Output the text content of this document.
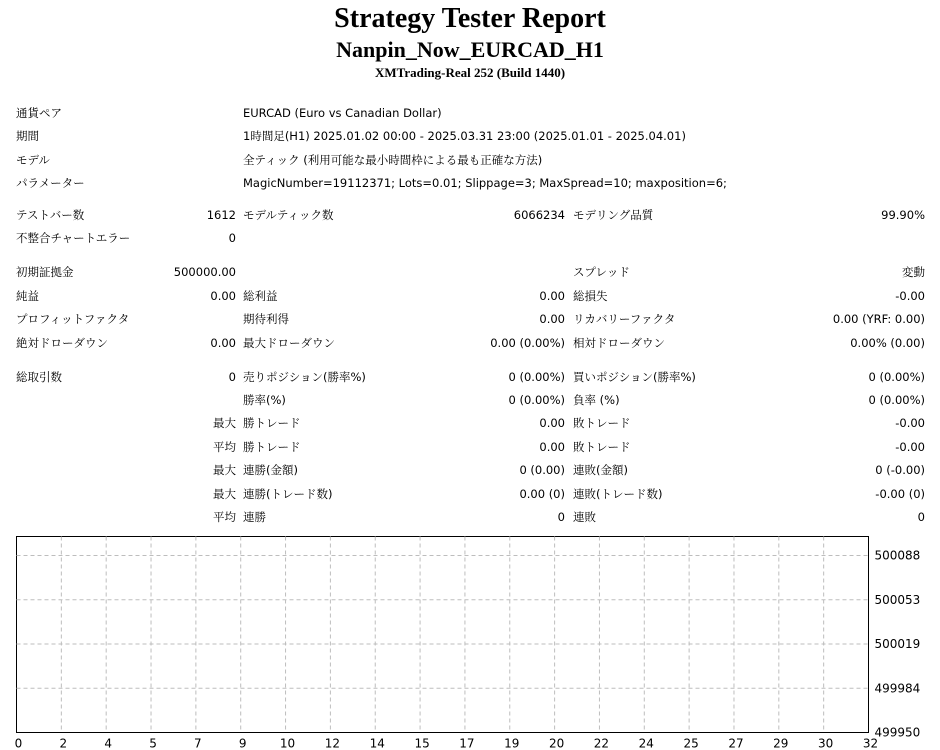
Strategy Tester Report
Nanpin_Now_EURCAD_H1
XMTrading-Real 252 (Build 1440)
通貨ペア	EURCAD (Euro vs Canadian Dollar)
期間	1時間足(H1) 2025.01.02 00:00 - 2025.03.31 23:00 (2025.01.01 - 2025.04.01)
モデル	全ティック (利用可能な最小時間枠による最も正確な方法)
パラメーター	MagicNumber=19112371; Lots=0.01; Slippage=3; MaxSpread=10; maxposition=6;
テストバー数	1612 モデルティック数	6066234 モデリング品質	99.90%
不整合チャートエラー	0
初期証拠金	500000.00	スプレッド	変動
純益	0.00 総利益	0.00 総損失	-0.00
プロフィットファクタ	期待利得	0.00 リカバリーファクタ	0.00 (YRF: 0.00)
絶対ドローダウン	0.00 最大ドローダウン	0.00 (0.00%) 相対ドローダウン	0.00% (0.00)
総取引数	0 売りポジション(勝率%)	0 (0.00%) 買いポジション(勝率%)	0 (0.00%)
勝率(%)	0 (0.00%) 負率 (%)	0 (0.00%)
最大 勝トレード	0.00 敗トレード	-0.00
平均 勝トレード	0.00 敗トレード	-0.00
最大 連勝(金額)	0 (0.00) 連敗(金額)	0 (-0.00)
最大 連勝(トレード数)	0.00 (0) 連敗(トレード数)	-0.00 (0)
平均 連勝	0 連敗	0
0	2	4	5	7	9	10 12 14 15 17 19 20 22 24 25 27 29 30 32
500088
500053
500019
499984
499950
